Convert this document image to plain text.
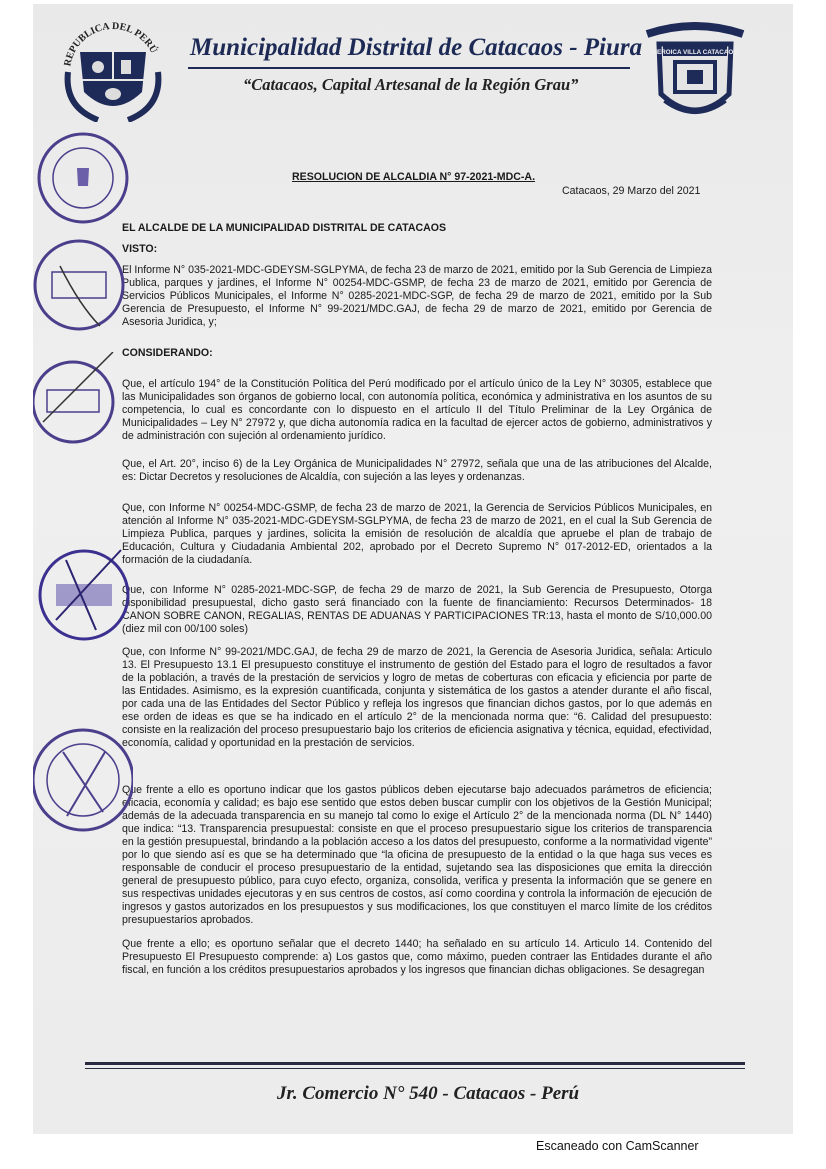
REPUBLICA DEL PERÚ Municipalidad Distrital de Catacaos - Piura
“Catacaos, Capital Artesanal de la Región Grau”
HEROICA VILLA CATACAOS
RESOLUCION DE ALCALDIA N° 97-2021-MDC-A.
Catacaos, 29 Marzo del 2021
EL ALCALDE DE LA MUNICIPALIDAD DISTRITAL DE CATACAOS
VISTO:
El Informe N° 035-2021-MDC-GDEYSM-SGLPYMA, de fecha 23 de marzo de 2021, emitido por la Sub Gerencia de Limpieza Publica, parques y jardines, el Informe N° 00254-MDC-GSMP, de fecha 23 de marzo de 2021, emitido por Gerencia de Servicios Públicos Municipales, el Informe N° 0285-2021-MDC-SGP, de fecha 29 de marzo de 2021, emitido por la Sub Gerencia de Presupuesto, el Informe N° 99-2021/MDC.GAJ, de fecha 29 de marzo de 2021, emitido por Gerencia de Asesoria Juridica, y;
CONSIDERANDO:
Que, el artículo 194° de la Constitución Política del Perú modificado por el artículo único de la Ley N° 30305, establece que las Municipalidades son órganos de gobierno local, con autonomía política, económica y administrativa en los asuntos de su competencia, lo cual es concordante con lo dispuesto en el artículo II del Título Preliminar de la Ley Orgánica de Municipalidades – Ley N° 27972 y, que dicha autonomía radica en la facultad de ejercer actos de gobierno, administrativos y de administración con sujeción al ordenamiento jurídico.
Que, el Art. 20°, inciso 6) de la Ley Orgánica de Municipalidades N° 27972, señala que una de las atribuciones del Alcalde, es: Dictar Decretos y resoluciones de Alcaldía, con sujeción a las leyes y ordenanzas.
Que, con Informe N° 00254-MDC-GSMP, de fecha 23 de marzo de 2021, la Gerencia de Servicios Públicos Municipales, en atención al Informe N° 035-2021-MDC-GDEYSM-SGLPYMA, de fecha 23 de marzo de 2021, en el cual la Sub Gerencia de Limpieza Publica, parques y jardines, solicita la emisión de resolución de alcaldía que apruebe el plan de trabajo de Educación, Cultura y Ciudadania Ambiental 202, aprobado por el Decreto Supremo N° 017-2012-ED, orientados a la formación de la ciudadanía.
Que, con Informe N° 0285-2021-MDC-SGP, de fecha 29 de marzo de 2021, la Sub Gerencia de Presupuesto, Otorga disponibilidad presupuestal, dicho gasto será financiado con la fuente de financiamiento: Recursos Determinados- 18 CANON SOBRE CANON, REGALIAS, RENTAS DE ADUANAS Y PARTICIPACIONES TR:13, hasta el monto de S/10,000.00 (diez mil con 00/100 soles)
Que, con Informe N° 99-2021/MDC.GAJ, de fecha 29 de marzo de 2021, la Gerencia de Asesoria Juridica, señala: Articulo 13. El Presupuesto 13.1 El presupuesto constituye el instrumento de gestión del Estado para el logro de resultados a favor de la población, a través de la prestación de servicios y logro de metas de coberturas con eficacia y eficiencia por parte de las Entidades. Asimismo, es la expresión cuantificada, conjunta y sistemática de los gastos a atender durante el año fiscal, por cada una de las Entidades del Sector Público y refleja los ingresos que financian dichos gastos, por lo que además en ese orden de ideas es que se ha indicado en el artículo 2° de la mencionada norma que: “6. Calidad del presupuesto: consiste en la realización del proceso presupuestario bajo los criterios de eficiencia asignativa y técnica, equidad, efectividad, economía, calidad y oportunidad en la prestación de servicios.
Que frente a ello es oportuno indicar que los gastos públicos deben ejecutarse bajo adecuados parámetros de eficiencia; eficacia, economía y calidad; es bajo ese sentido que estos deben buscar cumplir con los objetivos de la Gestión Municipal; además de la adecuada transparencia en su manejo tal como lo exige el Artículo 2° de la mencionada norma (DL N° 1440) que indica: “13. Transparencia presupuestal: consiste en que el proceso presupuestario sigue los criterios de transparencia en la gestión presupuestal, brindando a la población acceso a los datos del presupuesto, conforme a la normatividad vigente” por lo que siendo así es que se ha determinado que “la oficina de presupuesto de la entidad o la que haga sus veces es responsable de conducir el proceso presupuestario de la entidad, sujetando sea las disposiciones que emita la dirección general de presupuesto público, para cuyo efecto, organiza, consolida, verifica y presenta la información que se genere en sus respectivas unidades ejecutoras y en sus centros de costos, así como coordina y controla la información de ejecución de ingresos y gastos autorizados en los presupuestos y sus modificaciones, los que constituyen el marco límite de los créditos presupuestarios aprobados.
Que frente a ello; es oportuno señalar que el decreto 1440; ha señalado en su artículo 14. Articulo 14. Contenido del Presupuesto El Presupuesto comprende: a) Los gastos que, como máximo, pueden contraer las Entidades durante el año fiscal, en función a los créditos presupuestarios aprobados y los ingresos que financian dichas obligaciones. Se desagregan
Jr. Comercio N° 540 - Catacaos - Perú
Escaneado con CamScanner
